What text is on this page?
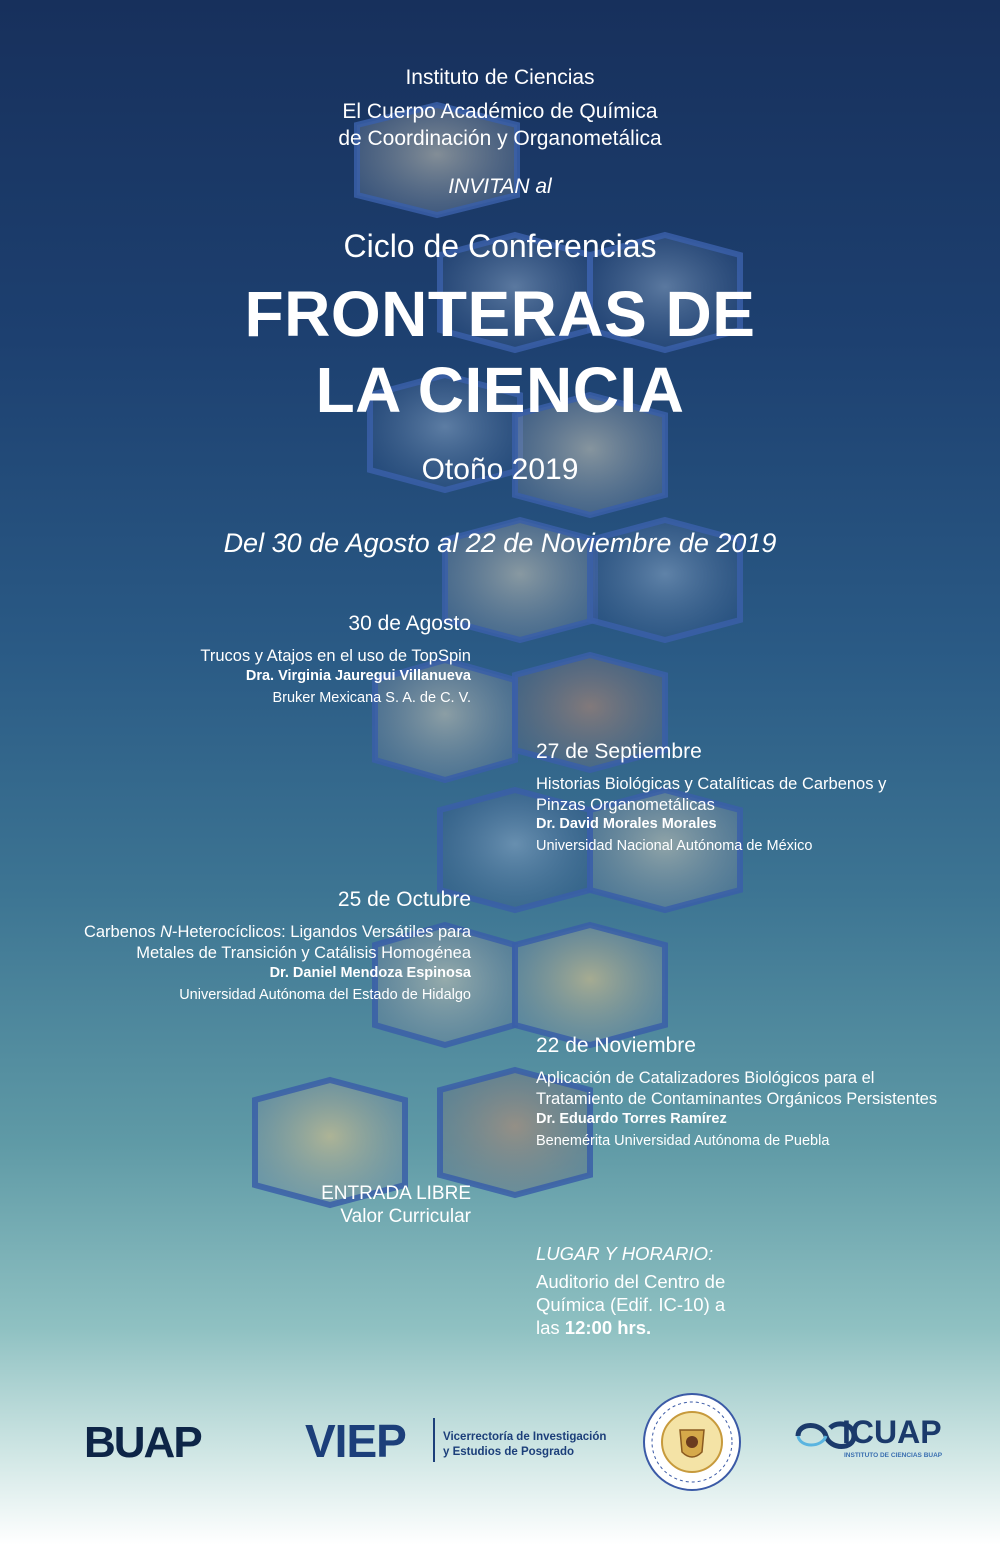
Instituto de Ciencias
El Cuerpo Académico de Química
de Coordinación y Organometálica
INVITAN al
Ciclo de Conferencias
FRONTERAS DE
LA CIENCIA
Otoño 2019
Del 30 de Agosto al 22 de Noviembre de 2019
30 de Agosto
Trucos y Atajos en el uso de TopSpin
Dra. Virginia Jauregui Villanueva
Bruker Mexicana S. A. de C. V.
27 de Septiembre
Historias Biológicas y Catalíticas de Carbenos y
Pinzas Organometálicas
Dr. David Morales Morales
Universidad Nacional Autónoma de México
25 de Octubre
Carbenos N-Heterocíclicos: Ligandos Versátiles para
Metales de Transición y Catálisis Homogénea
Dr. Daniel Mendoza Espinosa
Universidad Autónoma del Estado de Hidalgo
22 de Noviembre
Aplicación de Catalizadores Biológicos para el
Tratamiento de Contaminantes Orgánicos Persistentes
Dr. Eduardo Torres Ramírez
Benemérita Universidad Autónoma de Puebla
ENTRADA LIBRE
Valor Curricular
LUGAR Y HORARIO:
Auditorio del Centro de
Química (Edif. IC-10) a
las 12:00 hrs.
BUAP VIEP	Vicerrectoría de Investigación
y Estudios de Posgrado
ICUAP
INSTITUTO DE CIENCIAS BUAP
